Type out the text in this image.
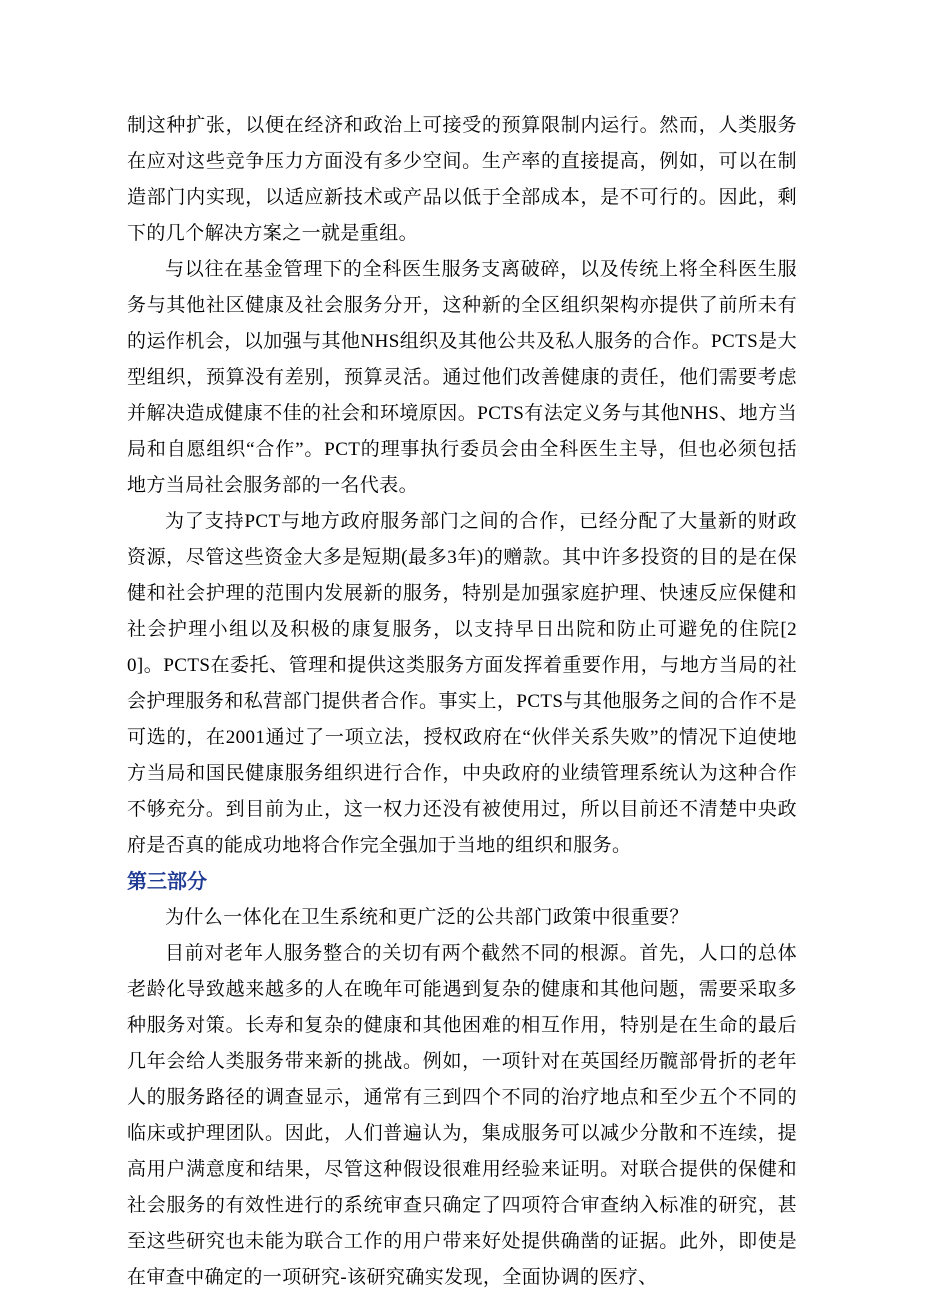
制这种扩张，以便在经济和政治上可接受的预算限制内运行。然而，人类服务在应对这些竞争压力方面没有多少空间。生产率的直接提高，例如，可以在制造部门内实现，以适应新技术或产品以低于全部成本，是不可行的。因此，剩下的几个解决方案之一就是重组。

与以往在基金管理下的全科医生服务支离破碎，以及传统上将全科医生服务与其他社区健康及社会服务分开，这种新的全区组织架构亦提供了前所未有的运作机会，以加强与其他NHS组织及其他公共及私人服务的合作。PCTS是大型组织，预算没有差别，预算灵活。通过他们改善健康的责任，他们需要考虑并解决造成健康不佳的社会和环境原因。PCTS有法定义务与其他NHS、地方当局和自愿组织“合作”。PCT的理事执行委员会由全科医生主导，但也必须包括地方当局社会服务部的一名代表。

为了支持PCT与地方政府服务部门之间的合作，已经分配了大量新的财政资源，尽管这些资金大多是短期(最多3年)的赠款。其中许多投资的目的是在保健和社会护理的范围内发展新的服务，特别是加强家庭护理、快速反应保健和社会护理小组以及积极的康复服务，以支持早日出院和防止可避免的住院[20]。PCTS在委托、管理和提供这类服务方面发挥着重要作用，与地方当局的社会护理服务和私营部门提供者合作。事实上，PCTS与其他服务之间的合作不是可选的，在2001通过了一项立法，授权政府在“伙伴关系失败”的情况下迫使地方当局和国民健康服务组织进行合作，中央政府的业绩管理系统认为这种合作不够充分。到目前为止，这一权力还没有被使用过，所以目前还不清楚中央政府是否真的能成功地将合作完全强加于当地的组织和服务。

第三部分

为什么一体化在卫生系统和更广泛的公共部门政策中很重要？

目前对老年人服务整合的关切有两个截然不同的根源。首先，人口的总体老龄化导致越来越多的人在晚年可能遇到复杂的健康和其他问题，需要采取多种服务对策。长寿和复杂的健康和其他困难的相互作用，特别是在生命的最后几年会给人类服务带来新的挑战。例如，一项针对在英国经历髋部骨折的老年人的服务路径的调查显示，通常有三到四个不同的治疗地点和至少五个不同的临床或护理团队。因此，人们普遍认为，集成服务可以减少分散和不连续，提高用户满意度和结果，尽管这种假设很难用经验来证明。对联合提供的保健和社会服务的有效性进行的系统审查只确定了四项符合审查纳入标准的研究，甚至这些研究也未能为联合工作的用户带来好处提供确凿的证据。此外，即使是在审查中确定的一项研究-该研究确实发现，全面协调的医疗、
